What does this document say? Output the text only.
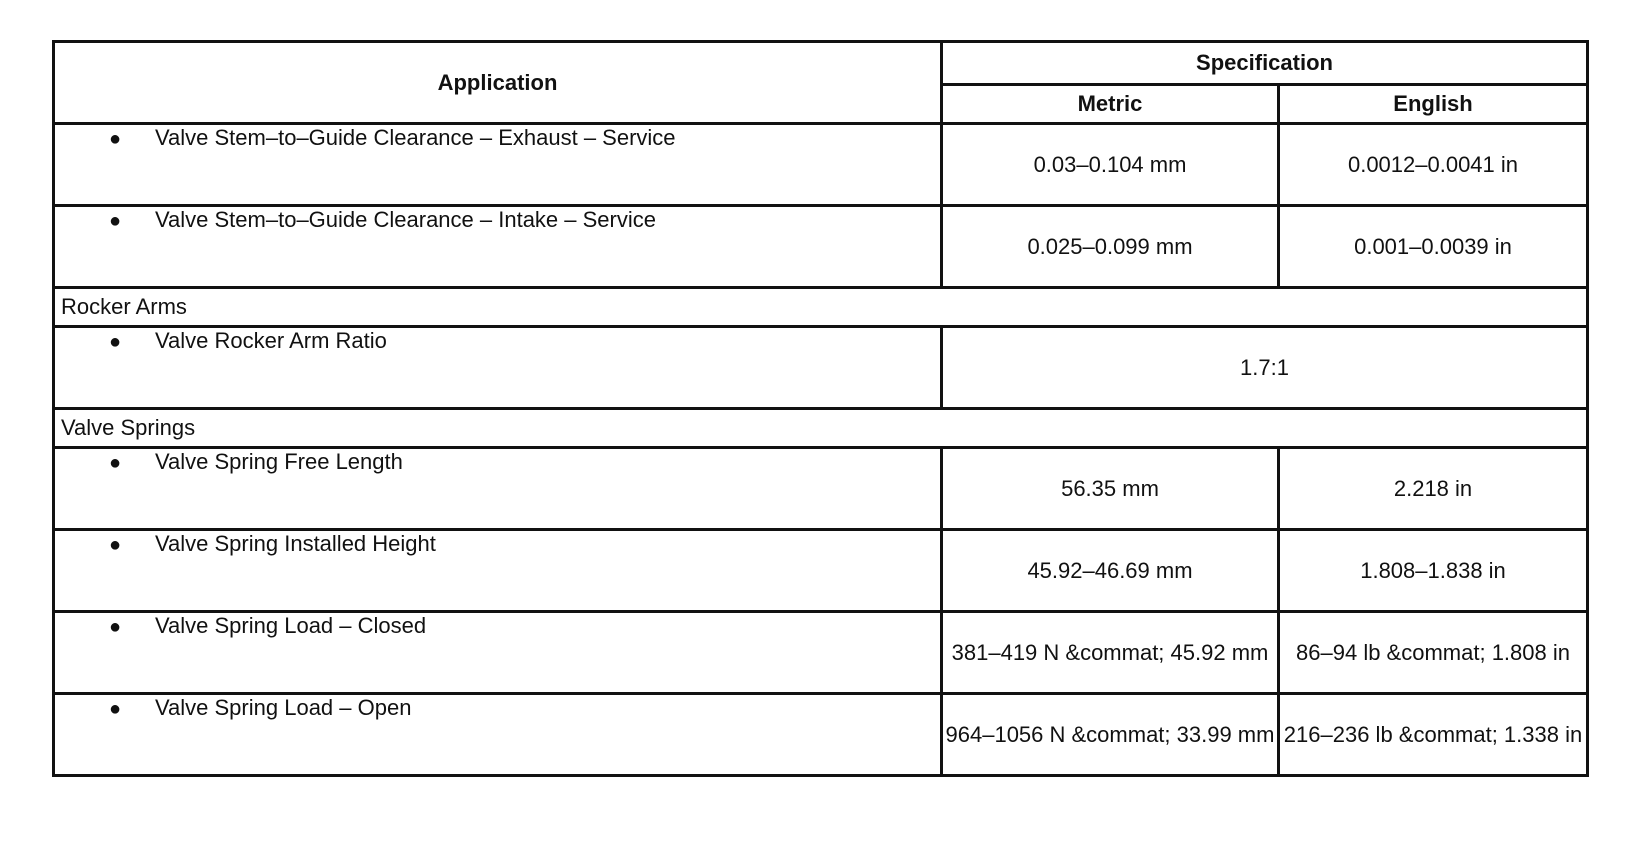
Application	Specification	
	Metric	English
● Valve Stem–to–Guide Clearance – Exhaust – Service	0.03–0.104 mm	0.0012–0.0041 in
● Valve Stem–to–Guide Clearance – Intake – Service	0.025–0.099 mm	0.001–0.0039 in
Rocker Arms		
● Valve Rocker Arm Ratio	1.7:1	
Valve Springs		
● Valve Spring Free Length	56.35 mm	2.218 in
● Valve Spring Installed Height	45.92–46.69 mm	1.808–1.838 in
● Valve Spring Load – Closed	381–419 N &commat; 45.92 mm	86–94 lb &commat; 1.808 in
● Valve Spring Load – Open	964–1056 N &commat; 33.99 mm	216–236 lb &commat; 1.338 in
